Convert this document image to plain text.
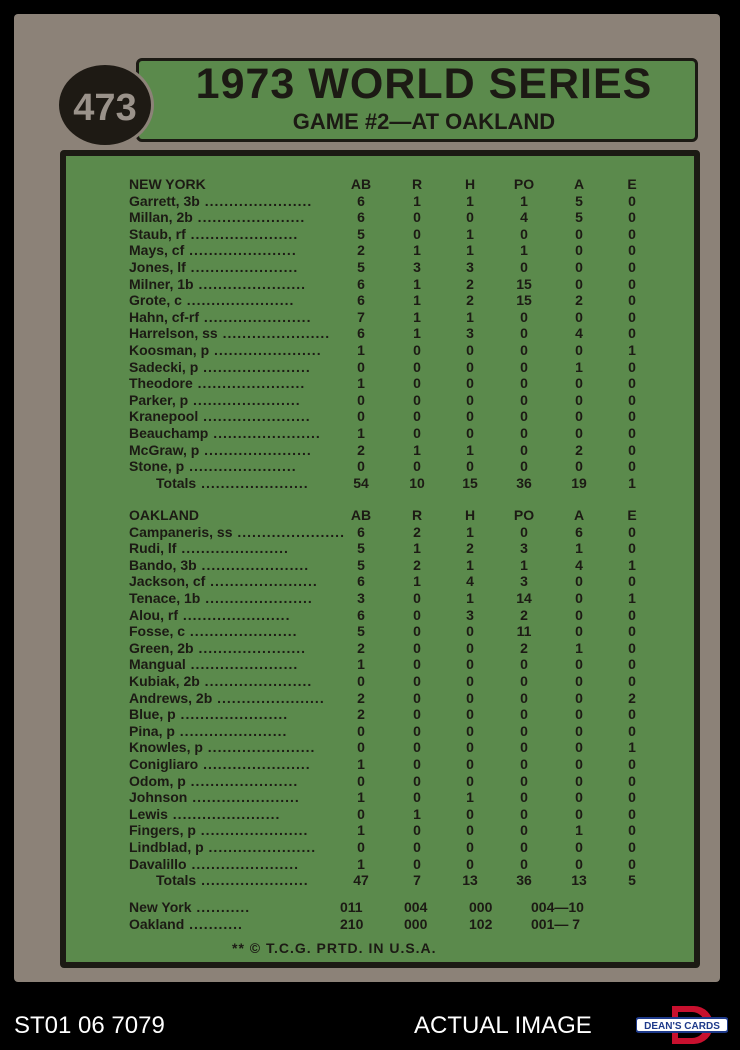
473	1973 WORLD SERIES
GAME #2—AT OAKLAND
NEW YORK	AB	R	H	PO	A	E
Garrett, 3b ......................	6	1	1	1	5	0
Millan, 2b ......................	6	0	0	4	5	0
Staub, rf ......................	5	0	1	0	0	0
Mays, cf ......................	2	1	1	1	0	0
Jones, lf ......................	5	3	3	0	0	0
Milner, 1b ......................	6	1	2	15	0	0
Grote, c ......................	6	1	2	15	2	0
Hahn, cf-rf ......................	7	1	1	0	0	0
Harrelson, ss ......................	6	1	3	0	4	0
Koosman, p ......................	1	0	0	0	0	1
Sadecki, p ......................	0	0	0	0	1	0
Theodore ......................	1	0	0	0	0	0
Parker, p ......................	0	0	0	0	0	0
Kranepool ......................	0	0	0	0	0	0
Beauchamp ......................	1	0	0	0	0	0
McGraw, p ......................	2	1	1	0	2	0
Stone, p ......................	0	0	0	0	0	0
Totals ......................	54	10	15	36	19	1
OAKLAND	AB	R	H	PO	A	E
Campaneris, ss ...................... 6	2	1	0	6	0
Rudi, lf ......................	5	1	2	3	1	0
Bando, 3b ......................	5	2	1	1	4	1
Jackson, cf ......................	6	1	4	3	0	0
Tenace, 1b ......................	3	0	1	14	0	1
Alou, rf ......................	6	0	3	2	0	0
Fosse, c ......................	5	0	0	11	0	0
Green, 2b ......................	2	0	0	2	1	0
Mangual ......................	1	0	0	0	0	0
Kubiak, 2b ......................	0	0	0	0	0	0
Andrews, 2b ......................	2	0	0	0	0	2
Blue, p ......................	2	0	0	0	0	0
Pina, p ......................	0	0	0	0	0	0
Knowles, p ......................	0	0	0	0	0	1
Conigliaro ......................	1	0	0	0	0	0
Odom, p ......................	0	0	0	0	0	0
Johnson ......................	1	0	1	0	0	0
Lewis ......................	0	1	0	0	0	0
Fingers, p ......................	1	0	0	0	1	0
Lindblad, p ......................	0	0	0	0	0	0
Davalillo ......................	1	0	0	0	0	0
Totals ......................	47	7	13	36	13	5
New York ...........	011	004	000	004—10
Oakland ...........	210	000	102	001— 7
** © T.C.G. PRTD. IN U.S.A.
ST01 06 7079	ACTUAL IMAGE	DEAN'S CARDS
